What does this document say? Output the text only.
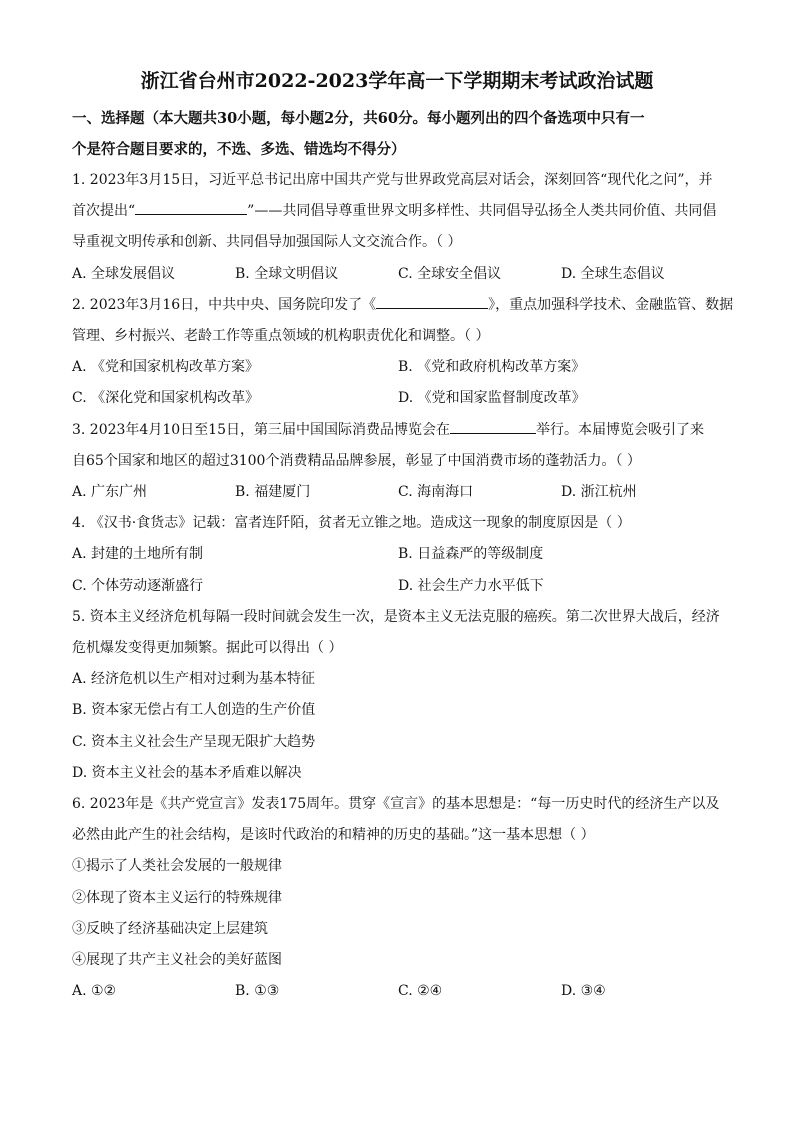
浙江省台州市2022-2023学年高一下学期期末考试政治试题
一、选择题（本大题共30小题，每小题2分，共60分。每小题列出的四个备选项中只有一
个是符合题目要求的，不选、多选、错选均不得分）
1. 2023年3月15日，习近平总书记出席中国共产党与世界政党高层对话会，深刻回答“现代化之问”，并
首次提出“	”——共同倡导尊重世界文明多样性、共同倡导弘扬全人类共同价值、共同倡
导重视文明传承和创新、共同倡导加强国际人文交流合作。（ ）
A. 全球发展倡议	B. 全球文明倡议	C. 全球安全倡议	D. 全球生态倡议
2. 2023年3月16日，中共中央、国务院印发了《	》，重点加强科学技术、金融监管、数据
管理、乡村振兴、老龄工作等重点领域的机构职责优化和调整。（ ）
A. 《党和国家机构改革方案》	B. 《党和政府机构改革方案》
C. 《深化党和国家机构改革》	D. 《党和国家监督制度改革》
3. 2023年4月10日至15日，第三届中国国际消费品博览会在	举行。本届博览会吸引了来
自65个国家和地区的超过3100个消费精品品牌参展，彰显了中国消费市场的蓬勃活力。（ ）
A. 广东广州	B. 福建厦门	C. 海南海口	D. 浙江杭州
4. 《汉书·食货志》记载：富者连阡陌，贫者无立锥之地。造成这一现象的制度原因是（ ）
A. 封建的土地所有制	B. 日益森严的等级制度
C. 个体劳动逐渐盛行	D. 社会生产力水平低下
5. 资本主义经济危机每隔一段时间就会发生一次，是资本主义无法克服的癌疾。第二次世界大战后，经济
危机爆发变得更加频繁。据此可以得出（ ）
A. 经济危机以生产相对过剩为基本特征
B. 资本家无偿占有工人创造的生产价值
C. 资本主义社会生产呈现无限扩大趋势
D. 资本主义社会的基本矛盾难以解决
6. 2023年是《共产党宣言》发表175周年。贯穿《宣言》的基本思想是：“每一历史时代的经济生产以及
必然由此产生的社会结构，是该时代政治的和精神的历史的基础。”这一基本思想（ ）
①揭示了人类社会发展的一般规律
②体现了资本主义运行的特殊规律
③反映了经济基础决定上层建筑
④展现了共产主义社会的美好蓝图
A. ①②	B. ①③	C. ②④	D. ③④
